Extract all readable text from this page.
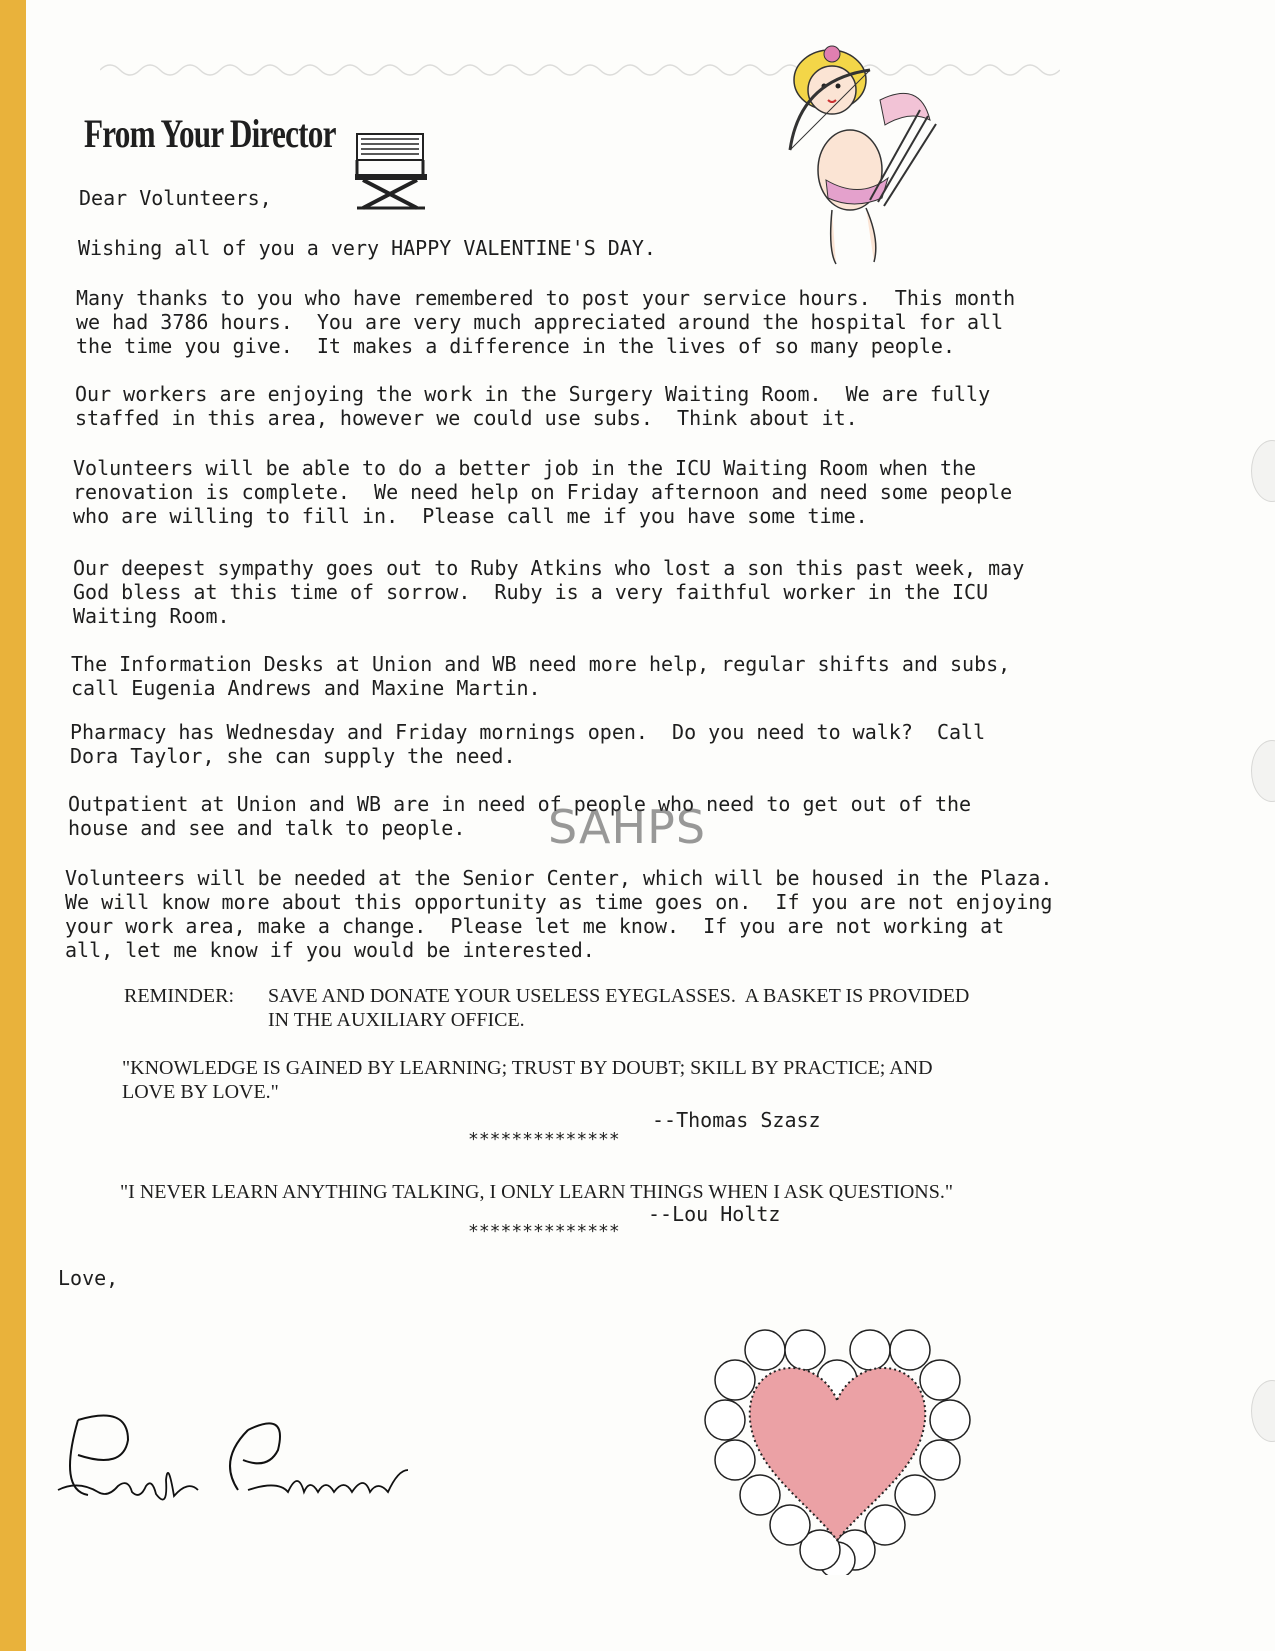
From Your Director

Dear Volunteers,

Wishing all of you a very HAPPY VALENTINE'S DAY.

Many thanks to you who have remembered to post your service hours.  This month
we had 3786 hours.  You are very much appreciated around the hospital for all
the time you give.  It makes a difference in the lives of so many people.

Our workers are enjoying the work in the Surgery Waiting Room.  We are fully
staffed in this area, however we could use subs.  Think about it.

Volunteers will be able to do a better job in the ICU Waiting Room when the
renovation is complete.  We need help on Friday afternoon and need some people
who are willing to fill in.  Please call me if you have some time.

Our deepest sympathy goes out to Ruby Atkins who lost a son this past week, may
God bless at this time of sorrow.  Ruby is a very faithful worker in the ICU
Waiting Room.

The Information Desks at Union and WB need more help, regular shifts and subs,
call Eugenia Andrews and Maxine Martin.

Pharmacy has Wednesday and Friday mornings open.  Do you need to walk?  Call
Dora Taylor, she can supply the need.

Outpatient at Union and WB are in need of people who need to get out of the
house and see and talk to people.

Volunteers will be needed at the Senior Center, which will be housed in the Plaza.
We will know more about this opportunity as time goes on.  If you are not enjoying
your work area, make a change.  Please let me know.  If you are not working at
all, let me know if you would be interested.

REMINDER: SAVE AND DONATE YOUR USELESS EYEGLASSES.  A BASKET IS PROVIDED
IN THE AUXILIARY OFFICE.

"KNOWLEDGE IS GAINED BY LEARNING; TRUST BY DOUBT; SKILL BY PRACTICE; AND
LOVE BY LOVE."

--Thomas Szasz

**************

"I NEVER LEARN ANYTHING TALKING, I ONLY LEARN THINGS WHEN I ASK QUESTIONS."

--Lou Holtz

**************

Love,

Peggy Plummer

SAHPS
